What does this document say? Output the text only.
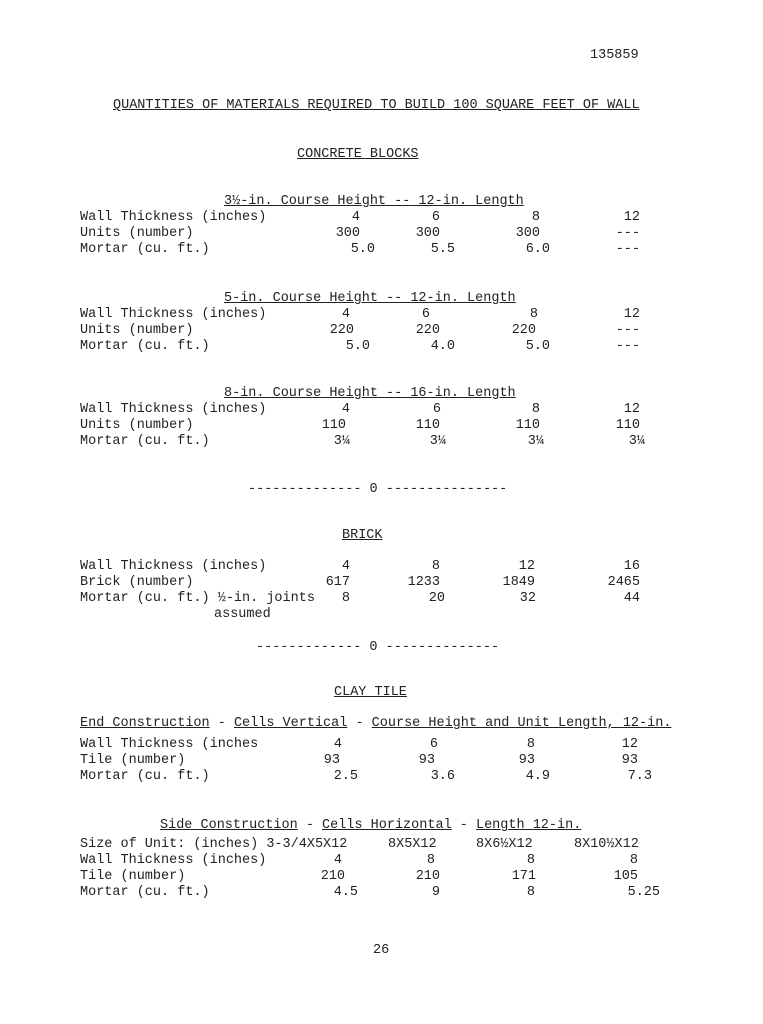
135859
QUANTITIES OF MATERIALS REQUIRED TO BUILD 100 SQUARE FEET OF WALL
CONCRETE BLOCKS
3½-in. Course Height -- 12-in. Length
Wall Thickness (inches)	4	6	8	12
Units (number)	300	300	300	---
Mortar (cu. ft.)	5.0	5.5	6.0	---
5-in. Course Height -- 12-in. Length
Wall Thickness (inches)	4	6	8	12
Units (number)	220	220	220	---
Mortar (cu. ft.)	5.0	4.0	5.0	---
8-in. Course Height -- 16-in. Length
Wall Thickness (inches)	4	6	8	12
Units (number)	110	110	110	110
Mortar (cu. ft.)	3¼	3¼	3¼	3¼
-------------- 0 ---------------
BRICK
Wall Thickness (inches)	4	8	12	16
Brick (number)	617	1233	1849	2465
Mortar (cu. ft.) ½-in. joints	8	20	32	44
assumed
------------- 0 --------------
CLAY TILE
End Construction - Cells Vertical - Course Height and Unit Length, 12-in.
Wall Thickness (inches	4	6	8	12
Tile (number)	93	93	93	93
Mortar (cu. ft.)	2.5	3.6	4.9	7.3
Side Construction - Cells Horizontal - Length 12-in.
Size of Unit: (inches) 3-3/4X5X12	8X5X12	8X6½X12	8X10½X12
Wall Thickness (inches)	4	8	8	8
Tile (number)	210	210	171	105
Mortar (cu. ft.)	4.5	9	8	5.25
26
